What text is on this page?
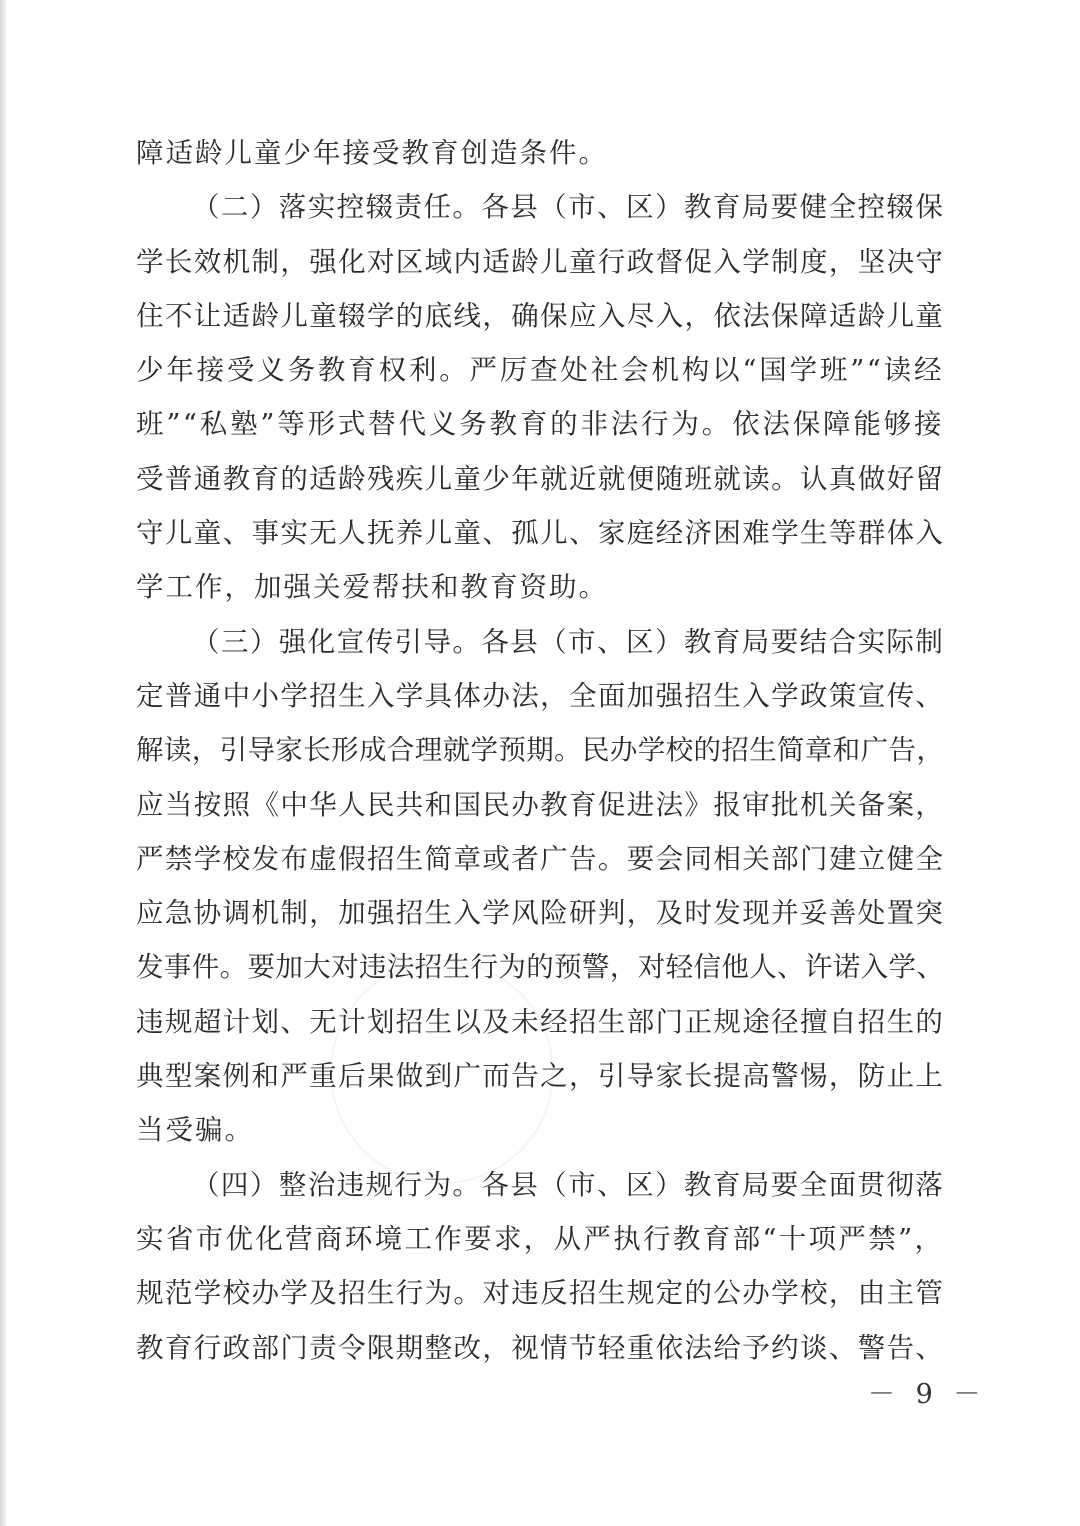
障适龄儿童少年接受教育创造条件。
（二）落实控辍责任。各县（市、区）教育局要健全控辍保
学长效机制，强化对区域内适龄儿童行政督促入学制度，坚决守
住不让适龄儿童辍学的底线，确保应入尽入，依法保障适龄儿童
少年接受义务教育权利。严厉查处社会机构以“国学班”“读经
班”“私塾”等形式替代义务教育的非法行为。依法保障能够接
受普通教育的适龄残疾儿童少年就近就便随班就读。认真做好留
守儿童、事实无人抚养儿童、孤儿、家庭经济困难学生等群体入
学工作，加强关爱帮扶和教育资助。
（三）强化宣传引导。各县（市、区）教育局要结合实际制
定普通中小学招生入学具体办法，全面加强招生入学政策宣传、
解读，引导家长形成合理就学预期。民办学校的招生简章和广告，
应当按照《中华人民共和国民办教育促进法》报审批机关备案，
严禁学校发布虚假招生简章或者广告。要会同相关部门建立健全
应急协调机制，加强招生入学风险研判，及时发现并妥善处置突
发事件。要加大对违法招生行为的预警，对轻信他人、许诺入学、
违规超计划、无计划招生以及未经招生部门正规途径擅自招生的
典型案例和严重后果做到广而告之，引导家长提高警惕，防止上
当受骗。
（四）整治违规行为。各县（市、区）教育局要全面贯彻落
实省市优化营商环境工作要求，从严执行教育部“十项严禁”，
规范学校办学及招生行为。对违反招生规定的公办学校，由主管
教育行政部门责令限期整改，视情节轻重依法给予约谈、警告、
－ 9 －
